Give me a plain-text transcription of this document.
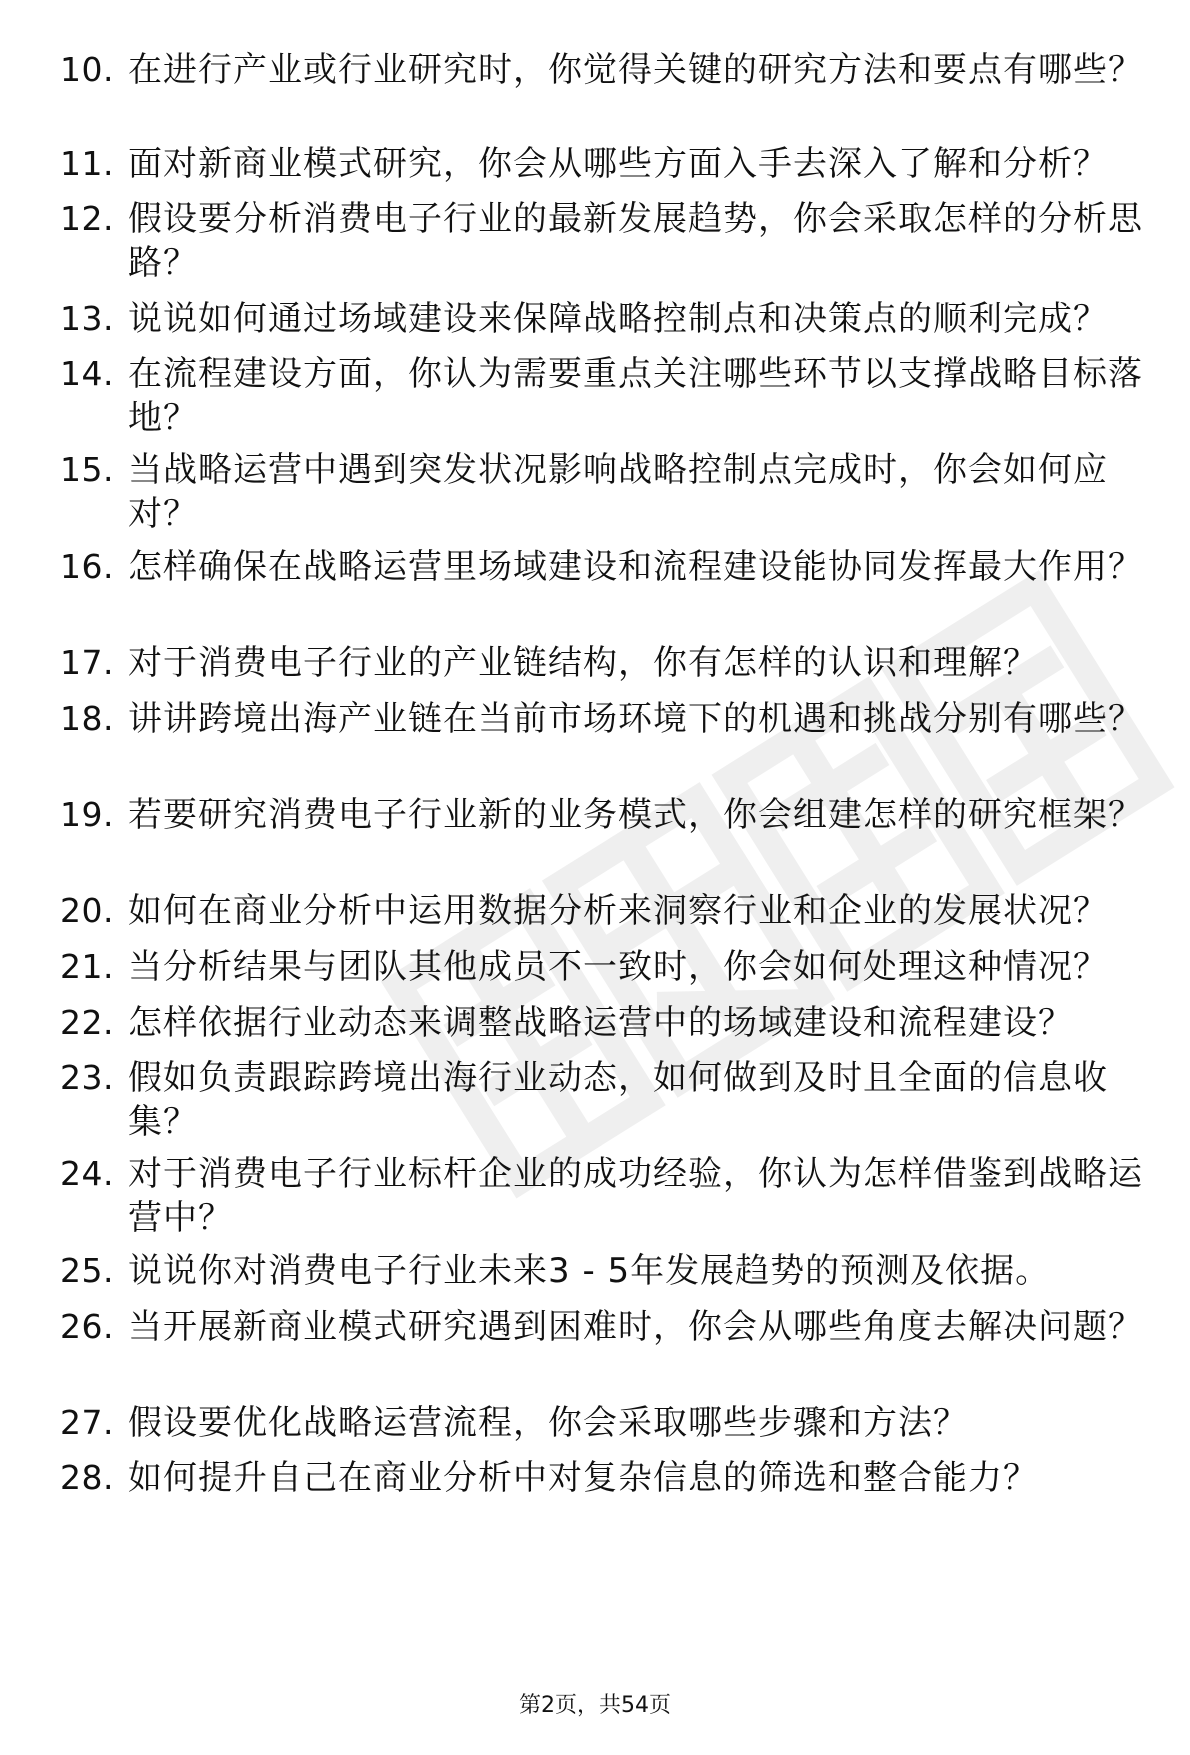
10. 在进行产业或行业研究时，你觉得关键的研究方法和要点有哪些？
11. 面对新商业模式研究，你会从哪些方面入手去深入了解和分析？
12. 假设要分析消费电子行业的最新发展趋势，你会采取怎样的分析思路？
13. 说说如何通过场域建设来保障战略控制点和决策点的顺利完成？
14. 在流程建设方面，你认为需要重点关注哪些环节以支撑战略目标落地？
15. 当战略运营中遇到突发状况影响战略控制点完成时，你会如何应对？
16. 怎样确保在战略运营里场域建设和流程建设能协同发挥最大作用？
17. 对于消费电子行业的产业链结构，你有怎样的认识和理解？
18. 讲讲跨境出海产业链在当前市场环境下的机遇和挑战分别有哪些？
19. 若要研究消费电子行业新的业务模式，你会组建怎样的研究框架？
20. 如何在商业分析中运用数据分析来洞察行业和企业的发展状况？
21. 当分析结果与团队其他成员不一致时，你会如何处理这种情况？
22. 怎样依据行业动态来调整战略运营中的场域建设和流程建设？
23. 假如负责跟踪跨境出海行业动态，如何做到及时且全面的信息收集？
24. 对于消费电子行业标杆企业的成功经验，你认为怎样借鉴到战略运营中？
25. 说说你对消费电子行业未来3 - 5年发展趋势的预测及依据。
26. 当开展新商业模式研究遇到困难时，你会从哪些角度去解决问题？
27. 假设要优化战略运营流程，你会采取哪些步骤和方法？
28. 如何提升自己在商业分析中对复杂信息的筛选和整合能力？
第2页，共54页
